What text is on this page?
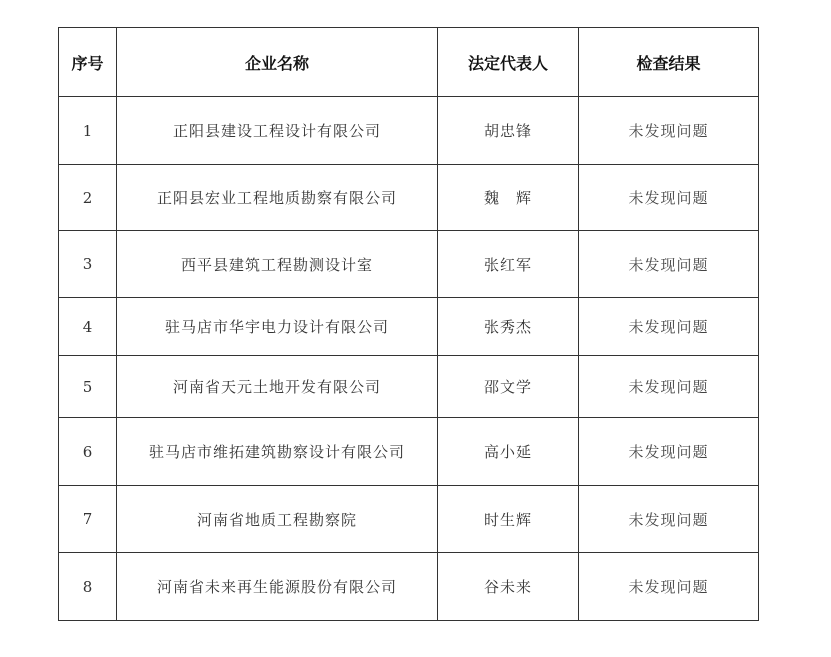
序号	企业名称	法定代表人	检查结果
1	正阳县建设工程设计有限公司	胡忠锋	未发现问题
2	正阳县宏业工程地质勘察有限公司	魏　辉	未发现问题
3	西平县建筑工程勘测设计室	张红军	未发现问题
4	驻马店市华宇电力设计有限公司	张秀杰	未发现问题
5	河南省天元土地开发有限公司	邵文学	未发现问题
6	驻马店市维拓建筑勘察设计有限公司	高小延	未发现问题
7	河南省地质工程勘察院	时生辉	未发现问题
8	河南省未来再生能源股份有限公司	谷未来	未发现问题
